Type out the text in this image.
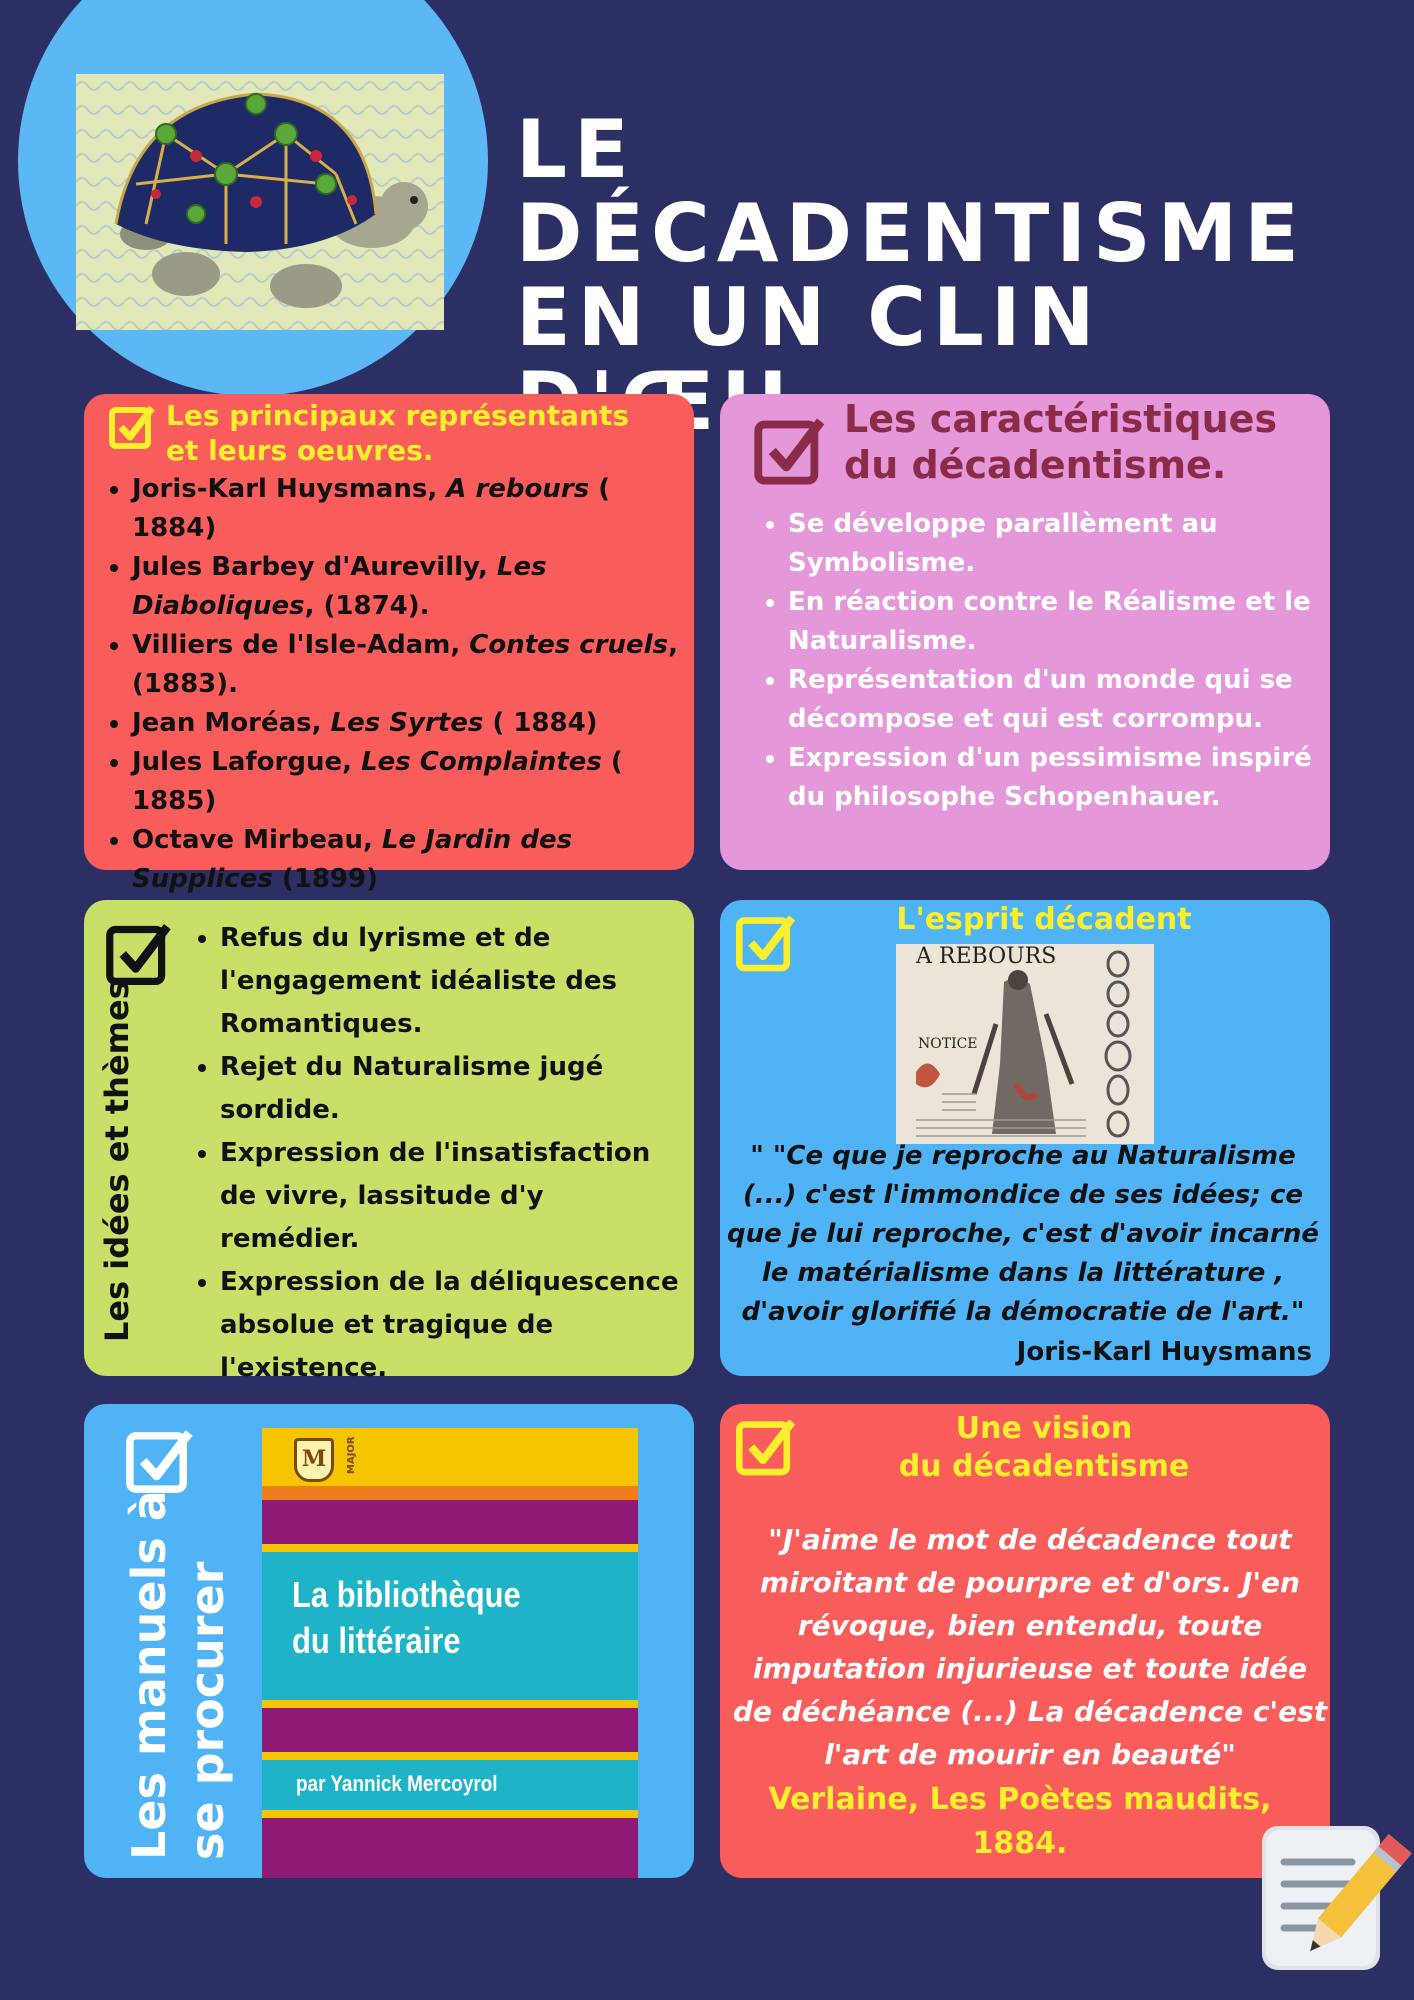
LE DÉCADENTISME
EN UN CLIN
Les principaux représentants
et leurs oeuvres.
• Joris-Karl Huysmans, A rebours ( 1884)
• Jules Barbey d'Aurevilly, Les Diaboliques, (1874).
• Villiers de l'Isle-Adam, Contes cruels, (1883).
• Jean Moréas, Les Syrtes ( 1884)
• Jules Laforgue, Les Complaintes ( 1885)
• Octave Mirbeau, Le Jardin des Supplices (1899)
Les caractéristiques
du décadentisme.
• Se développe parallèment au Symbolisme.
• En réaction contre le Réalisme et le Naturalisme.
• Représentation d'un monde qui se décompose et qui est corrompu.
• Expression d'un pessimisme inspiré du philosophe Schopenhauer.
Les idées et thèmes
• Refus du lyrisme et de l'engagement idéaliste des Romantiques.
• Rejet du Naturalisme jugé sordide.
• Expression de l'insatisfaction de vivre, lassitude d'y remédier.
• Expression de la déliquescence absolue et tragique de l'existence.
L'esprit décadent
A REBOURS
NOTICE
" "Ce que je reproche au Naturalisme (...) c'est l'immondice de ses idées; ce que je lui reproche, c'est d'avoir incarné le matérialisme dans la littérature , d'avoir glorifié la démocratie de l'art."
Joris-Karl Huysmans
Les manuels à se procurer
M	MAJOR
La bibliothèque
du littéraire
par Yannick Mercoyrol
Une vision
du décadentisme
"J'aime le mot de décadence tout miroitant de pourpre et d'ors. J'en révoque, bien entendu, toute imputation injurieuse et toute idée de déchéance (...) La décadence c'est l'art de mourir en beauté"
Verlaine, Les Poètes maudits, 1884.
